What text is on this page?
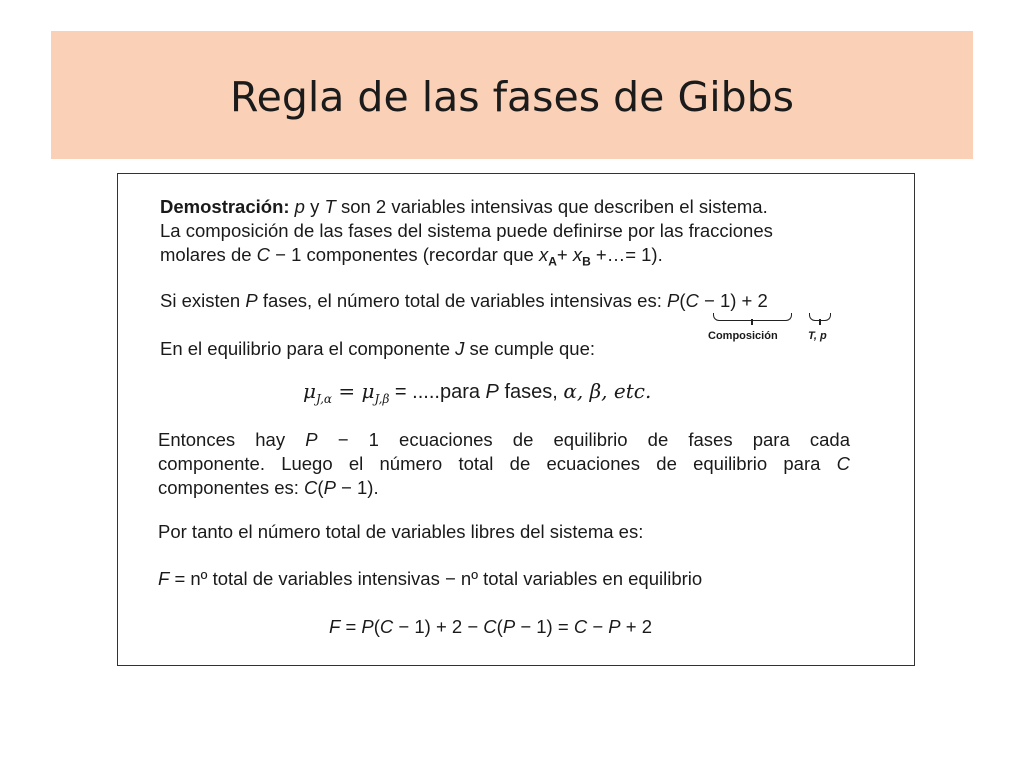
Regla de las fases de Gibbs
Demostración: p y T son 2 variables intensivas que describen el sistema.
La composición de las fases del sistema puede definirse por las fracciones
molares de C − 1 componentes (recordar que $x_A+ x_B$ +…= 1).
Si existen P fases, el número total de variables intensivas es: P(C − 1) + 2
Composición	T, p
En el equilibrio para el componente J se cumple que:
$\mu_{J,\alpha} = \mu_{J,\beta}$ = .....para P fases, α, β, etc.
Entonces hay P − 1 ecuaciones de equilibrio de fases para cada
componente. Luego el número total de ecuaciones de equilibrio para C
componentes es: C(P − 1).
Por tanto el número total de variables libres del sistema es:
F = nº total de variables intensivas − nº total variables en equilibrio
F = P(C − 1) + 2 − C(P − 1) = C − P + 2
